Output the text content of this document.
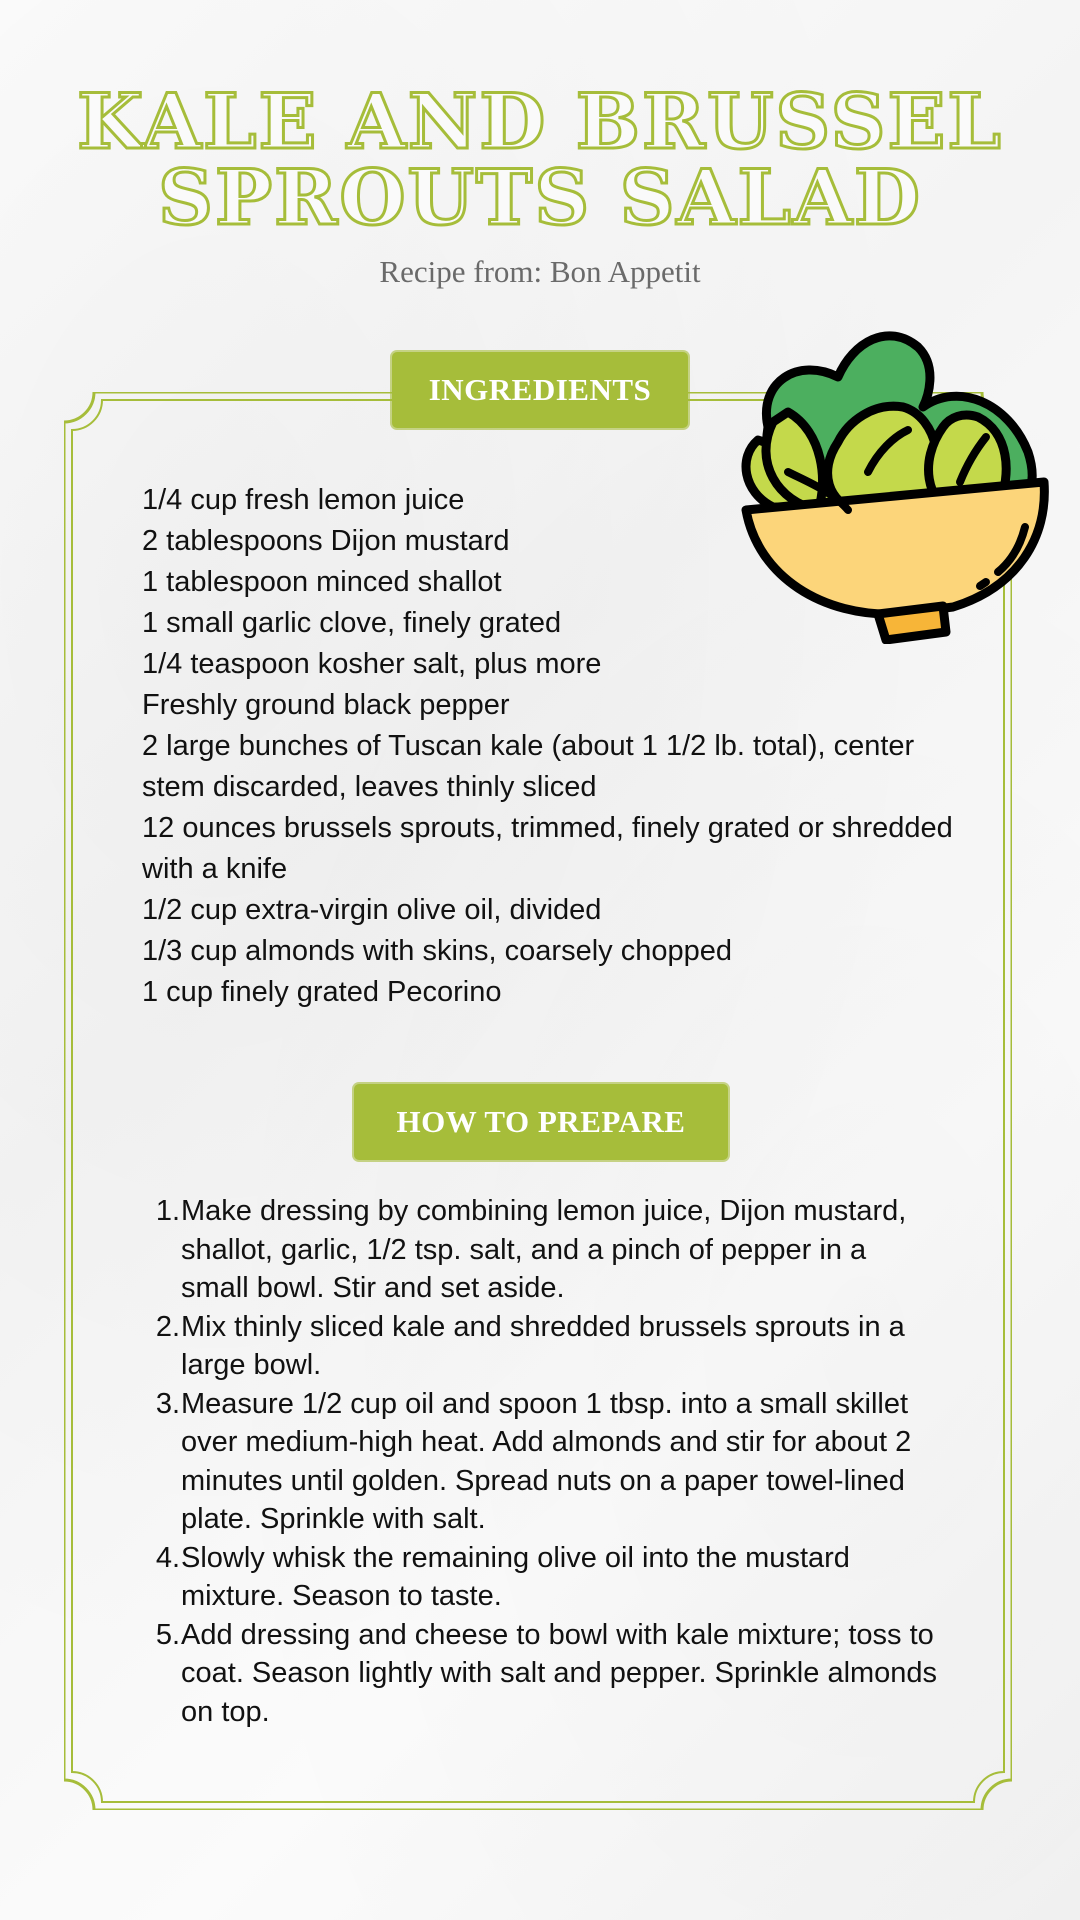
KALE AND BRUSSEL
SPROUTS SALAD
Recipe from: Bon Appetit
INGREDIENTS
1/4 cup fresh lemon juice
2 tablespoons Dijon mustard
1 tablespoon minced shallot
1 small garlic clove, finely grated
1/4 teaspoon kosher salt, plus more
Freshly ground black pepper
2 large bunches of Tuscan kale (about 1 1/2 lb. total), center stem discarded, leaves thinly sliced
12 ounces brussels sprouts, trimmed, finely grated or shredded with a knife
1/2 cup extra-virgin olive oil, divided
1/3 cup almonds with skins, coarsely chopped
1 cup finely grated Pecorino
HOW TO PREPARE
1. Make dressing by combining lemon juice, Dijon mustard, shallot, garlic, 1/2 tsp. salt, and a pinch of pepper in a small bowl. Stir and set aside.
2. Mix thinly sliced kale and shredded brussels sprouts in a large bowl.
3. Measure 1/2 cup oil and spoon 1 tbsp. into a small skillet over medium-high heat. Add almonds and stir for about 2 minutes until golden. Spread nuts on a paper towel-lined plate. Sprinkle with salt.
4. Slowly whisk the remaining olive oil into the mustard mixture. Season to taste.
5. Add dressing and cheese to bowl with kale mixture; toss to coat. Season lightly with salt and pepper. Sprinkle almonds on top.
